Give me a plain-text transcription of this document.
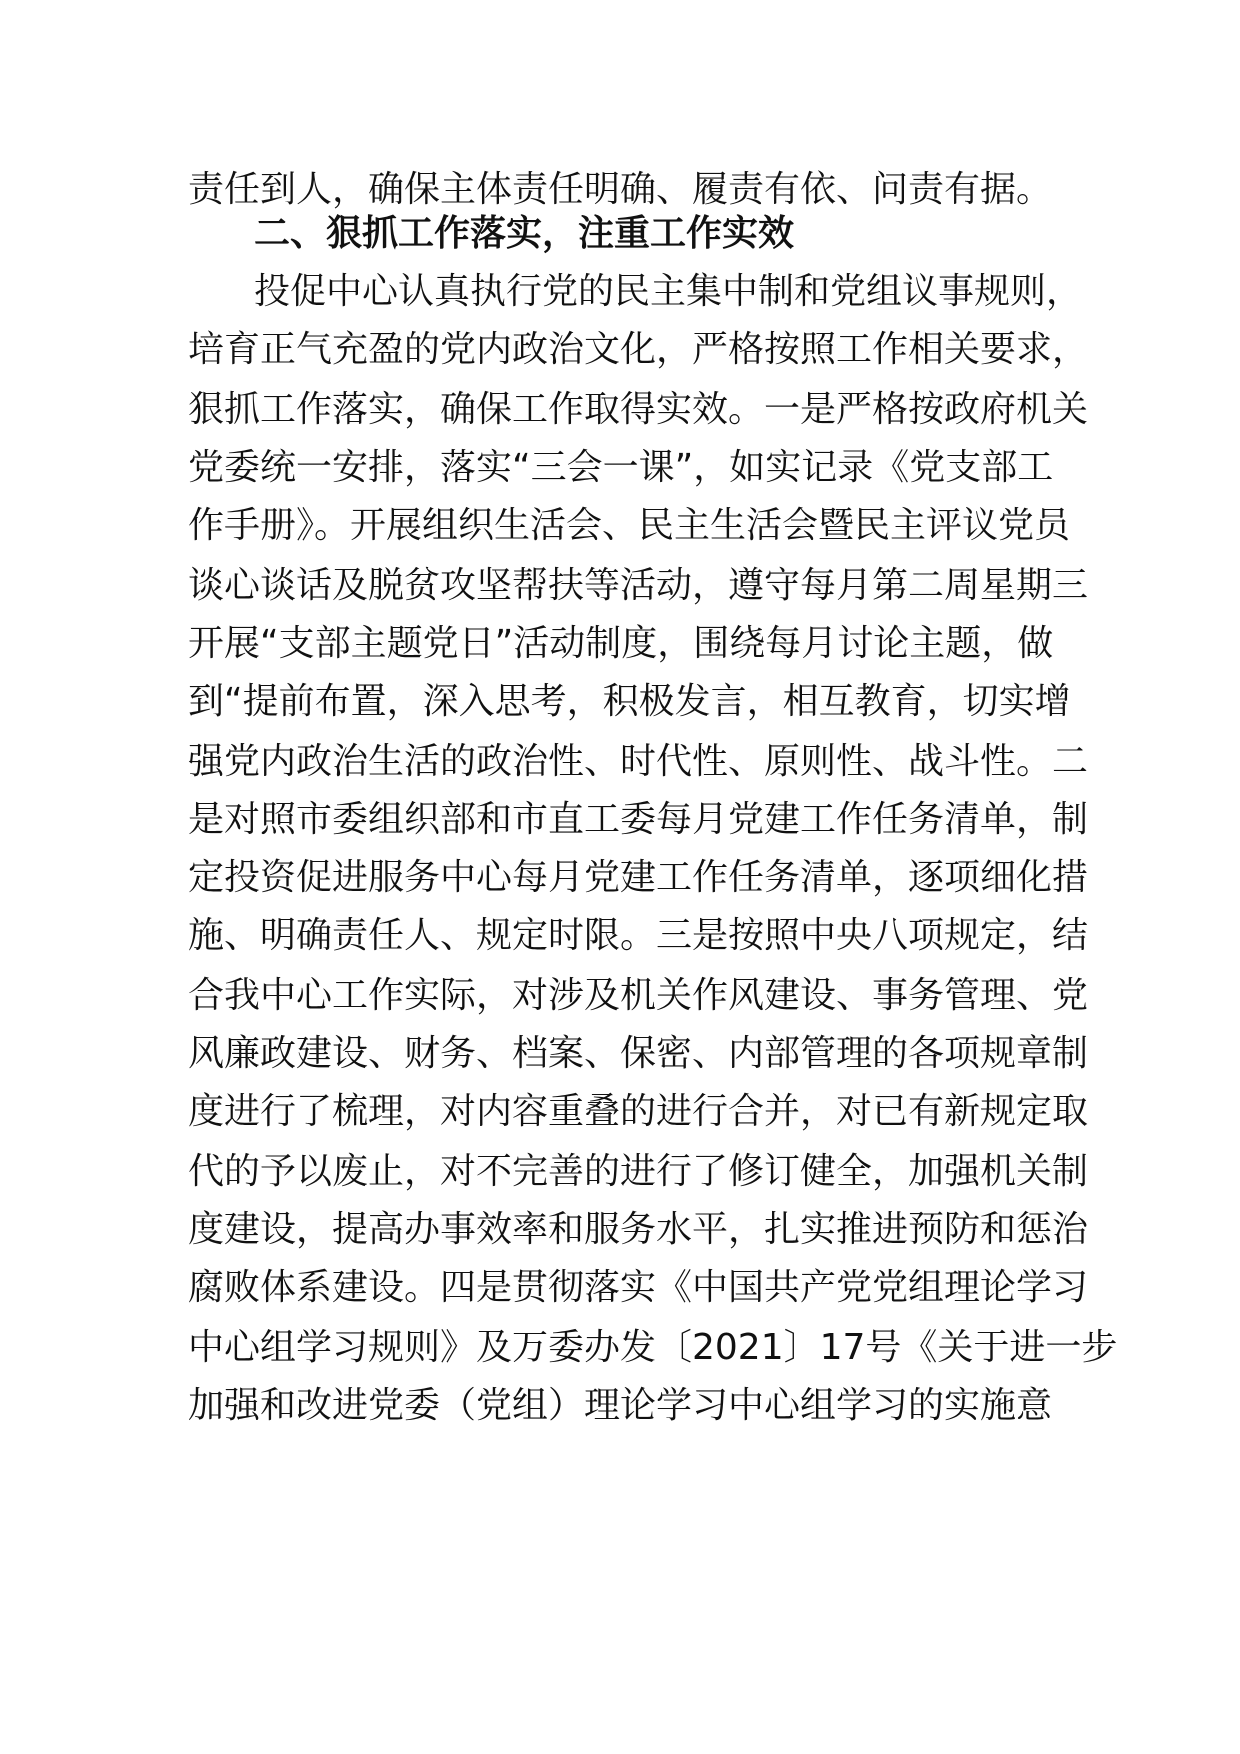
责任到人，确保主体责任明确、履责有依、问责有据。
二、狠抓工作落实，注重工作实效
投促中心认真执行党的民主集中制和党组议事规则，
培育正气充盈的党内政治文化，严格按照工作相关要求，
狠抓工作落实，确保工作取得实效。一是严格按政府机关
党委统一安排，落实“三会一课”，如实记录《党支部工
作手册》。开展组织生活会、民主生活会暨民主评议党员
谈心谈话及脱贫攻坚帮扶等活动，遵守每月第二周星期三
开展“支部主题党日”活动制度，围绕每月讨论主题，做
到“提前布置，深入思考，积极发言，相互教育，切实增
强党内政治生活的政治性、时代性、原则性、战斗性。二
是对照市委组织部和市直工委每月党建工作任务清单，制
定投资促进服务中心每月党建工作任务清单，逐项细化措
施、明确责任人、规定时限。三是按照中央八项规定，结
合我中心工作实际，对涉及机关作风建设、事务管理、党
风廉政建设、财务、档案、保密、内部管理的各项规章制
度进行了梳理，对内容重叠的进行合并，对已有新规定取
代的予以废止，对不完善的进行了修订健全，加强机关制
度建设，提高办事效率和服务水平，扎实推进预防和惩治
腐败体系建设。四是贯彻落实《中国共产党党组理论学习
中心组学习规则》及万委办发〔2021〕17号《关于进一步
加强和改进党委（党组）理论学习中心组学习的实施意
